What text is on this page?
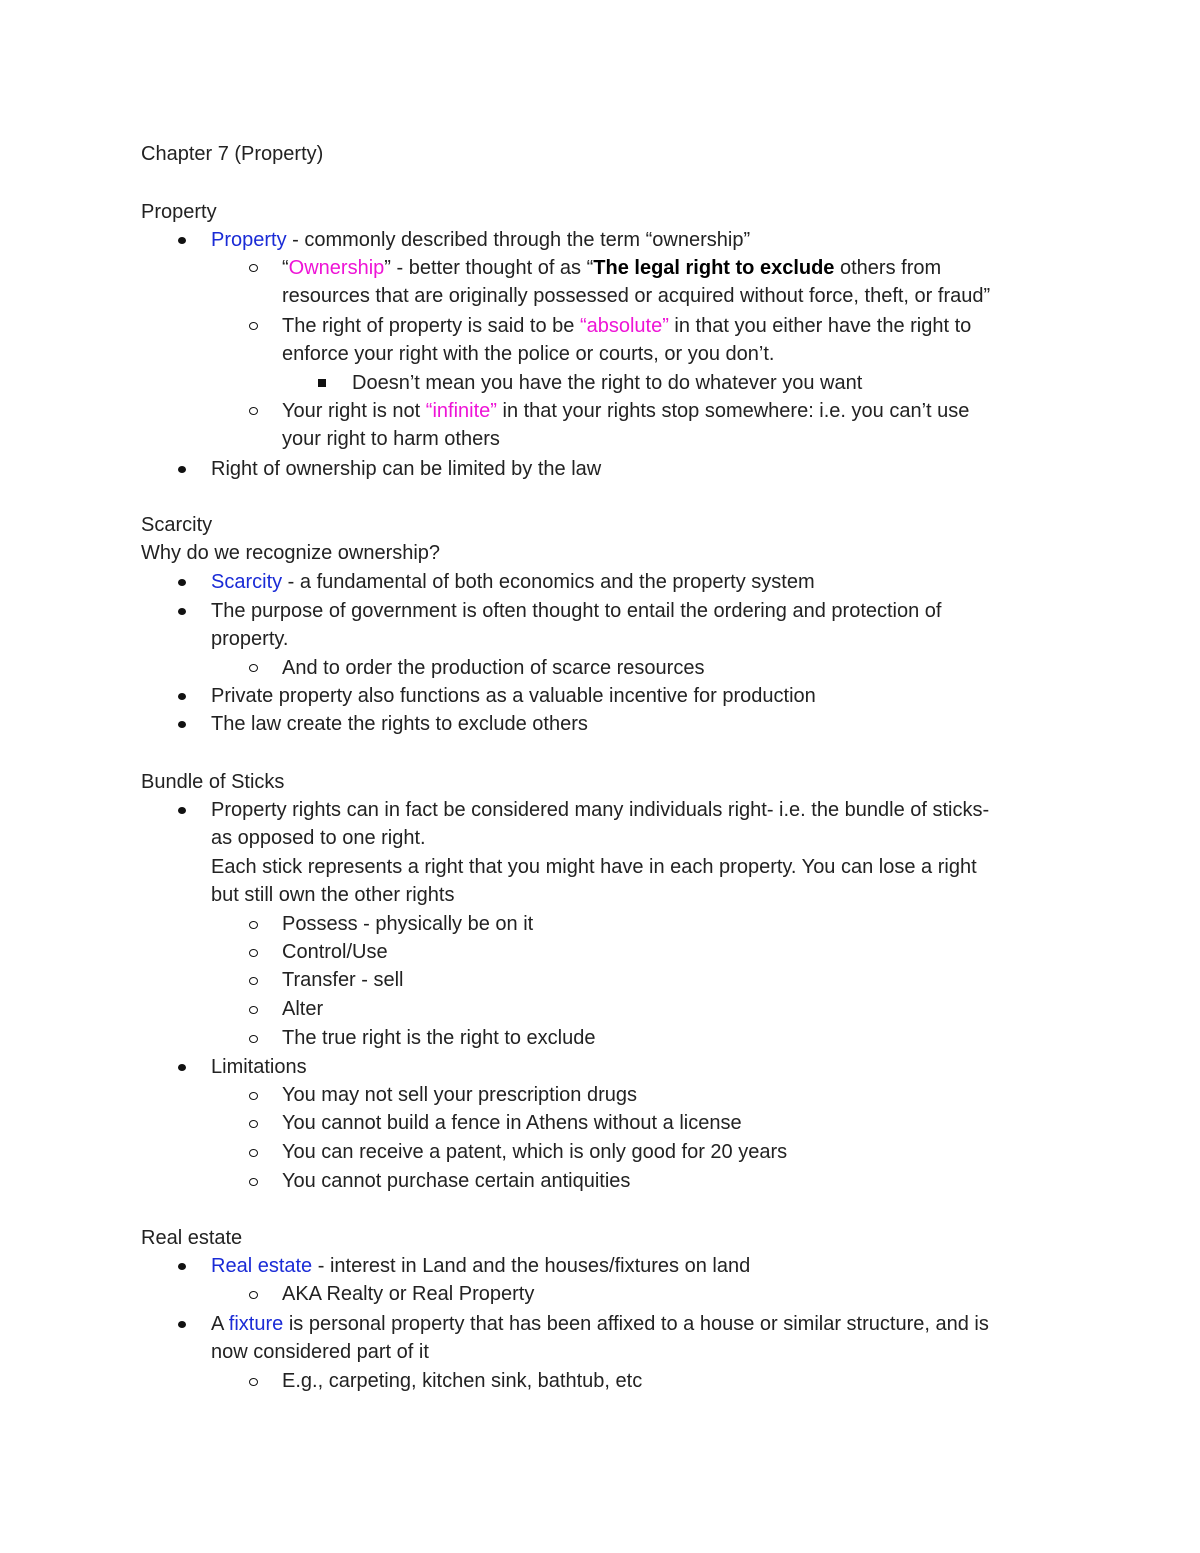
Chapter 7 (Property)
Property
Property - commonly described through the term “ownership”
“Ownership” - better thought of as “The legal right to exclude others from
resources that are originally possessed or acquired without force, theft, or fraud”
The right of property is said to be “absolute” in that you either have the right to
enforce your right with the police or courts, or you don’t.
Doesn’t mean you have the right to do whatever you want
Your right is not “infinite” in that your rights stop somewhere: i.e. you can’t use
your right to harm others
Right of ownership can be limited by the law
Scarcity
Why do we recognize ownership?
Scarcity - a fundamental of both economics and the property system
The purpose of government is often thought to entail the ordering and protection of
property.
And to order the production of scarce resources
Private property also functions as a valuable incentive for production
The law create the rights to exclude others
Bundle of Sticks
Property rights can in fact be considered many individuals right- i.e. the bundle of sticks-
as opposed to one right.
Each stick represents a right that you might have in each property. You can lose a right
but still own the other rights
Possess - physically be on it
Control/Use
Transfer - sell
Alter
The true right is the right to exclude
Limitations
You may not sell your prescription drugs
You cannot build a fence in Athens without a license
You can receive a patent, which is only good for 20 years
You cannot purchase certain antiquities
Real estate
Real estate - interest in Land and the houses/fixtures on land
AKA Realty or Real Property
A fixture is personal property that has been affixed to a house or similar structure, and is
now considered part of it
E.g., carpeting, kitchen sink, bathtub, etc
